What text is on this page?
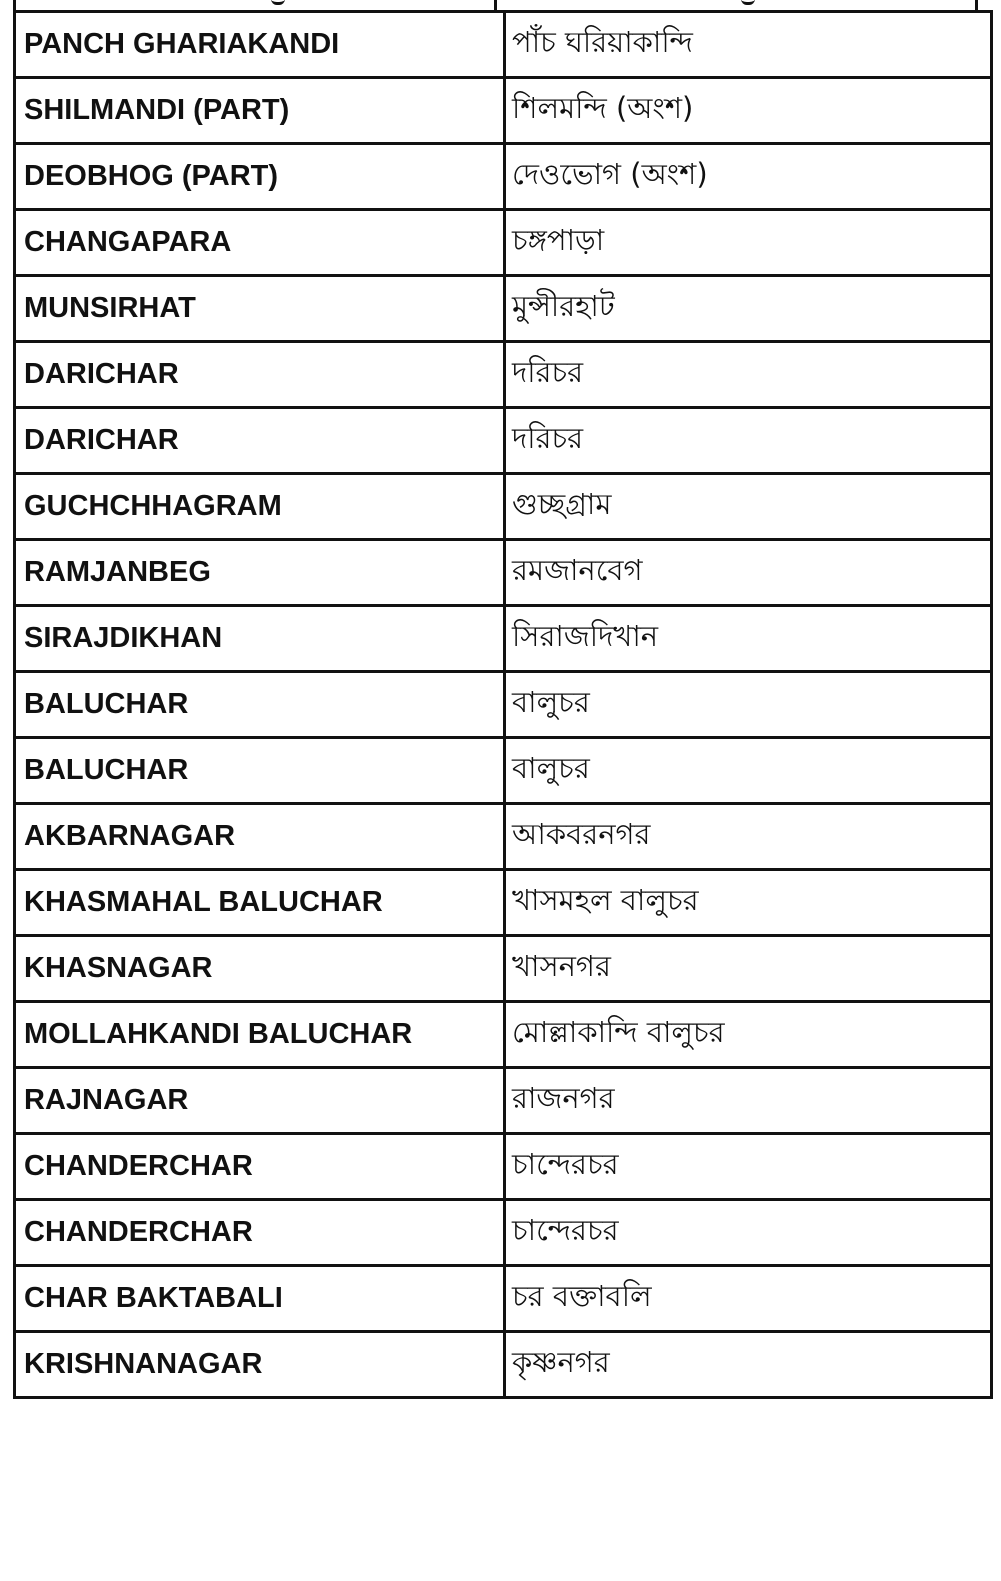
PANCH GHARIAKANDI	পাঁচ ঘরিয়াকান্দি
SHILMANDI (PART)	শিলমন্দি (অংশ)
DEOBHOG (PART)	দেওভোগ (অংশ)
CHANGAPARA	চঙ্গপাড়া
MUNSIRHAT	মুন্সীরহাট
DARICHAR	দরিচর
DARICHAR	দরিচর
GUCHCHHAGRAM	গুচ্ছগ্রাম
RAMJANBEG	রমজানবেগ
SIRAJDIKHAN	সিরাজদিখান
BALUCHAR	বালুচর
BALUCHAR	বালুচর
AKBARNAGAR	আকবরনগর
KHASMAHAL BALUCHAR	খাসমহল বালুচর
KHASNAGAR	খাসনগর
MOLLAHKANDI BALUCHAR	মোল্লাকান্দি বালুচর
RAJNAGAR	রাজনগর
CHANDERCHAR	চান্দেরচর
CHANDERCHAR	চান্দেরচর
CHAR BAKTABALI	চর বক্তাবলি
KRISHNANAGAR	কৃষ্ণনগর
